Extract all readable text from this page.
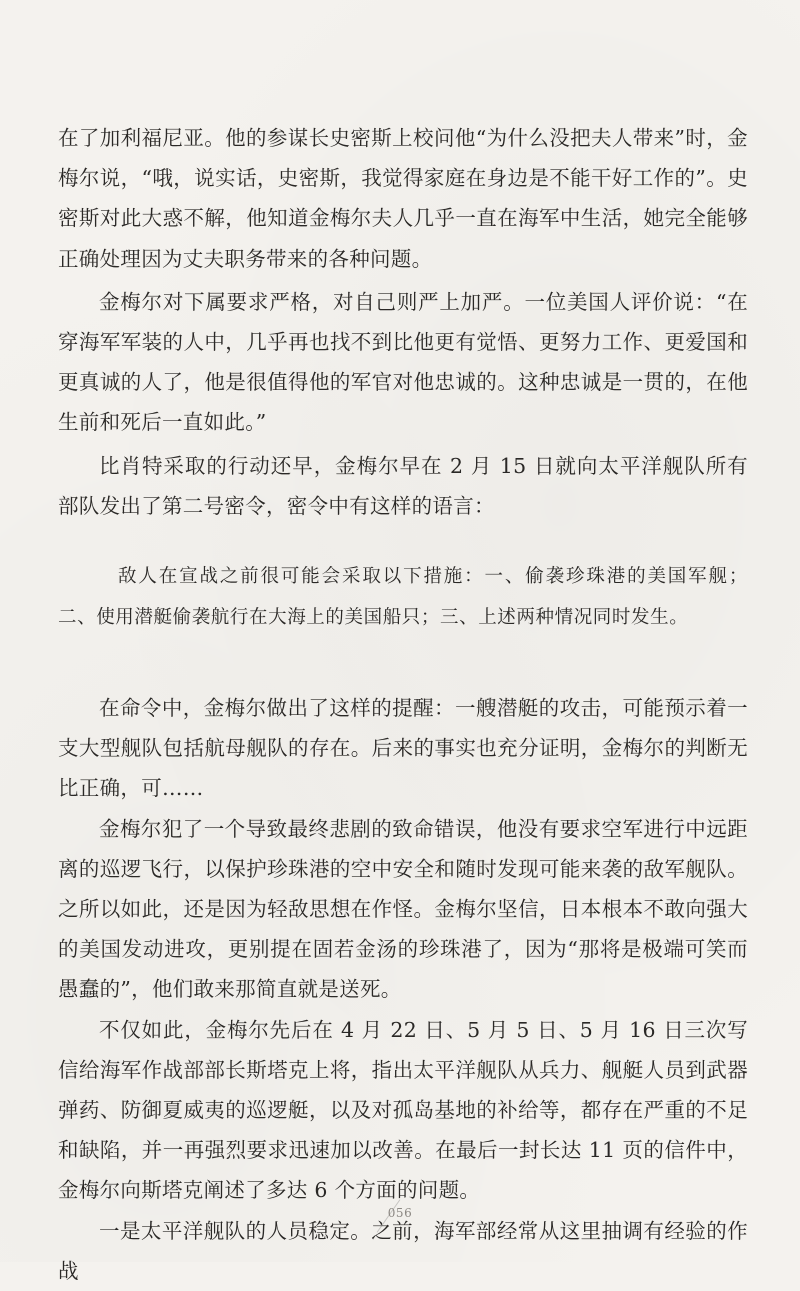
在了加利福尼亚。他的参谋长史密斯上校问他“为什么没把夫人带来”时，金梅尔说，“哦，说实话，史密斯，我觉得家庭在身边是不能干好工作的”。史密斯对此大惑不解，他知道金梅尔夫人几乎一直在海军中生活，她完全能够正确处理因为丈夫职务带来的各种问题。

金梅尔对下属要求严格，对自己则严上加严。一位美国人评价说：“在穿海军军装的人中，几乎再也找不到比他更有觉悟、更努力工作、更爱国和更真诚的人了，他是很值得他的军官对他忠诚的。这种忠诚是一贯的，在他生前和死后一直如此。”

比肖特采取的行动还早，金梅尔早在 2 月 15 日就向太平洋舰队所有部队发出了第二号密令，密令中有这样的语言：

敌人在宣战之前很可能会采取以下措施：一、偷袭珍珠港的美国军舰；二、使用潜艇偷袭航行在大海上的美国船只；三、上述两种情况同时发生。

在命令中，金梅尔做出了这样的提醒：一艘潜艇的攻击，可能预示着一支大型舰队包括航母舰队的存在。后来的事实也充分证明，金梅尔的判断无比正确，可……

金梅尔犯了一个导致最终悲剧的致命错误，他没有要求空军进行中远距离的巡逻飞行，以保护珍珠港的空中安全和随时发现可能来袭的敌军舰队。之所以如此，还是因为轻敌思想在作怪。金梅尔坚信，日本根本不敢向强大的美国发动进攻，更别提在固若金汤的珍珠港了，因为“那将是极端可笑而愚蠢的”，他们敢来那简直就是送死。

不仅如此，金梅尔先后在 4 月 22 日、5 月 5 日、5 月 16 日三次写信给海军作战部部长斯塔克上将，指出太平洋舰队从兵力、舰艇人员到武器弹药、防御夏威夷的巡逻艇，以及对孤岛基地的补给等，都存在严重的不足和缺陷，并一再强烈要求迅速加以改善。在最后一封长达 11 页的信件中，金梅尔向斯塔克阐述了多达 6 个方面的问题。

一是太平洋舰队的人员稳定。之前，海军部经常从这里抽调有经验的作战

056
